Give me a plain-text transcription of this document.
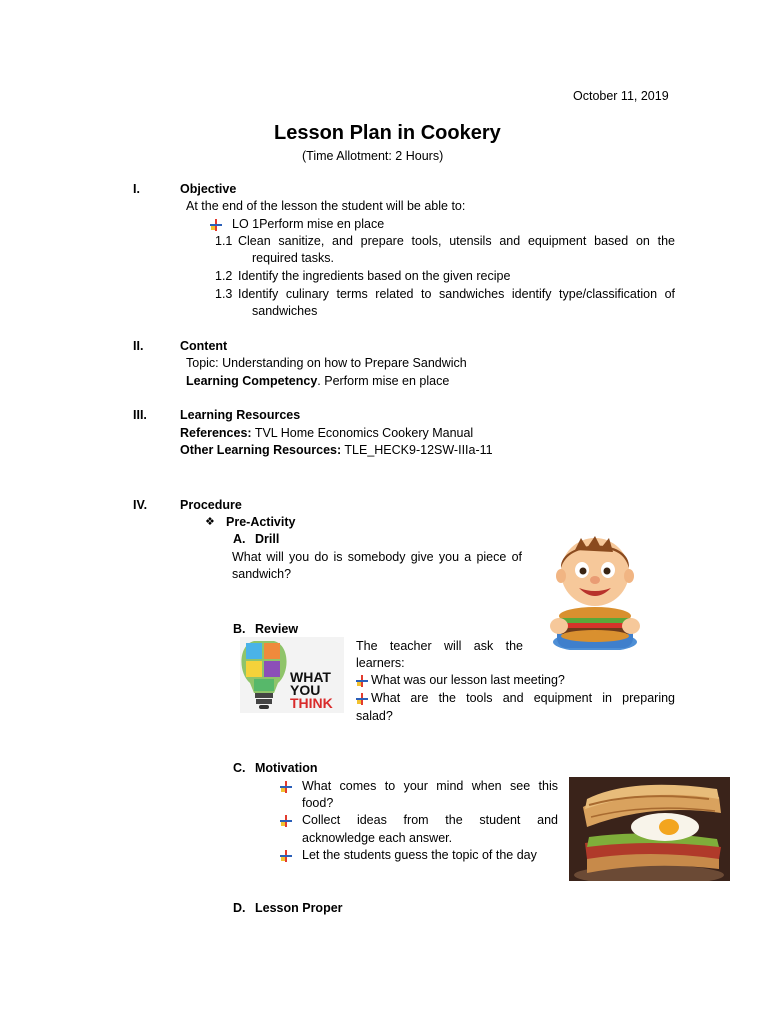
October 11, 2019
Lesson Plan in Cookery
(Time Allotment: 2 Hours)
I.	Objective
At the end of the lesson the student will be able to:
LO 1Perform mise en place
1.1 Clean sanitize, and prepare tools, utensils and equipment based on the
required tasks.
1.2 Identify the ingredients based on the given recipe
1.3 Identify culinary terms related to sandwiches identify type/classification of
sandwiches
II.	Content
Topic: Understanding on how to Prepare Sandwich
Learning Competency. Perform mise en place
III.	Learning Resources
References: TVL Home Economics Cookery Manual
Other Learning Resources: TLE_HECK9-12SW-IIIa-11
IV.	Procedure
❖ Pre-Activity
A. Drill
What will you do is somebody give you a piece of
sandwich?
B. Review
WHAT
YOU
THINK
The teacher will ask the
learners:
What was our lesson last meeting?
What are the tools and equipment in preparing
salad?
C. Motivation
What comes to your mind when see this
food?
Collect ideas from the student and
acknowledge each answer.
Let the students guess the topic of the day
D. Lesson Proper
